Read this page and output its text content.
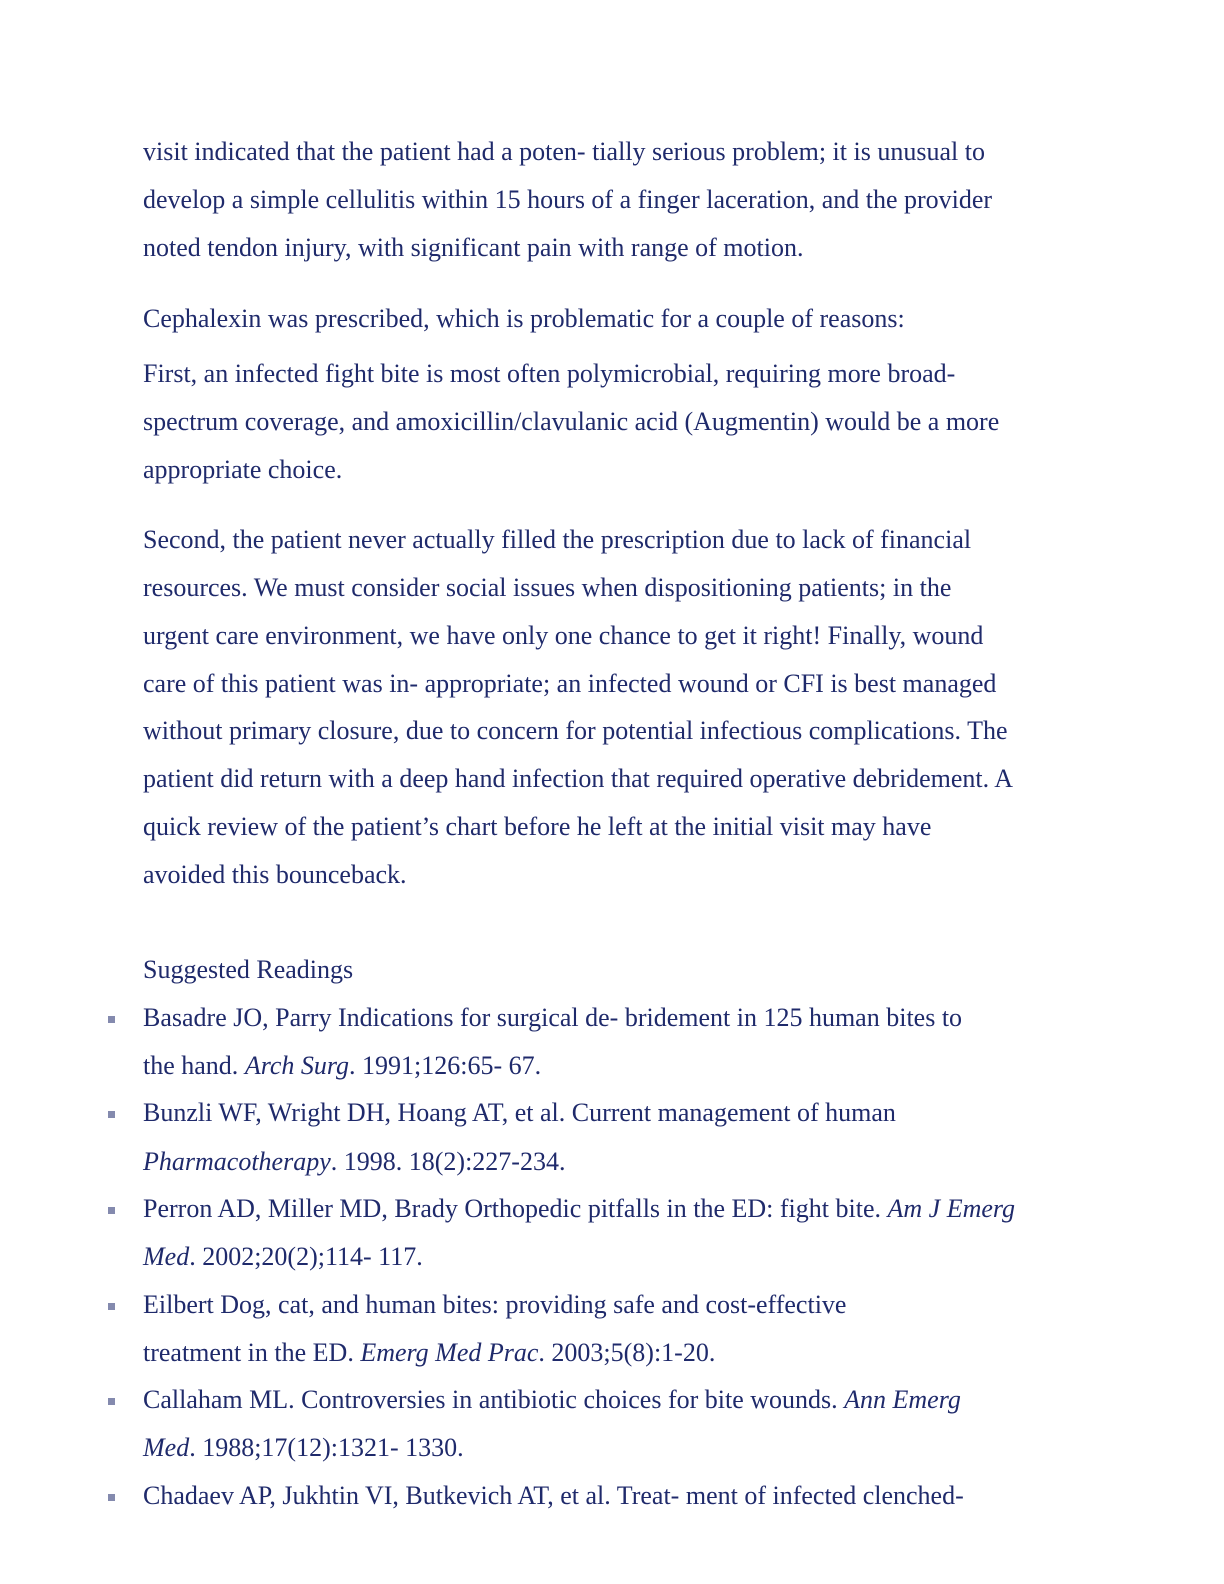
visit indicated that the patient had a poten- tially serious problem; it is unusual to
develop a simple cellulitis within 15 hours of a finger laceration, and the provider
noted tendon injury, with significant pain with range of motion.
Cephalexin was prescribed, which is problematic for a couple of reasons:
First, an infected fight bite is most often polymicrobial, requiring more broad-
spectrum coverage, and amoxicillin/clavulanic acid (Augmentin) would be a more
appropriate choice.
Second, the patient never actually filled the prescription due to lack of financial
resources. We must consider social issues when dispositioning patients; in the
urgent care environment, we have only one chance to get it right! Finally, wound
care of this patient was in- appropriate; an infected wound or CFI is best managed
without primary closure, due to concern for potential infectious complications. The
patient did return with a deep hand infection that required operative debridement. A
quick review of the patient’s chart before he left at the initial visit may have
avoided this bounceback.
Suggested Readings
Basadre JO, Parry Indications for surgical de- bridement in 125 human bites to
the hand. Arch Surg. 1991;126:65- 67.
Bunzli WF, Wright DH, Hoang AT, et al. Current management of human
Pharmacotherapy. 1998. 18(2):227-234.
Perron AD, Miller MD, Brady Orthopedic pitfalls in the ED: fight bite. Am J Emerg
Med. 2002;20(2);114- 117.
Eilbert Dog, cat, and human bites: providing safe and cost-effective
treatment in the ED. Emerg Med Prac. 2003;5(8):1-20.
Callaham ML. Controversies in antibiotic choices for bite wounds. Ann Emerg
Med. 1988;17(12):1321- 1330.
Chadaev AP, Jukhtin VI, Butkevich AT, et al. Treat- ment of infected clenched-
